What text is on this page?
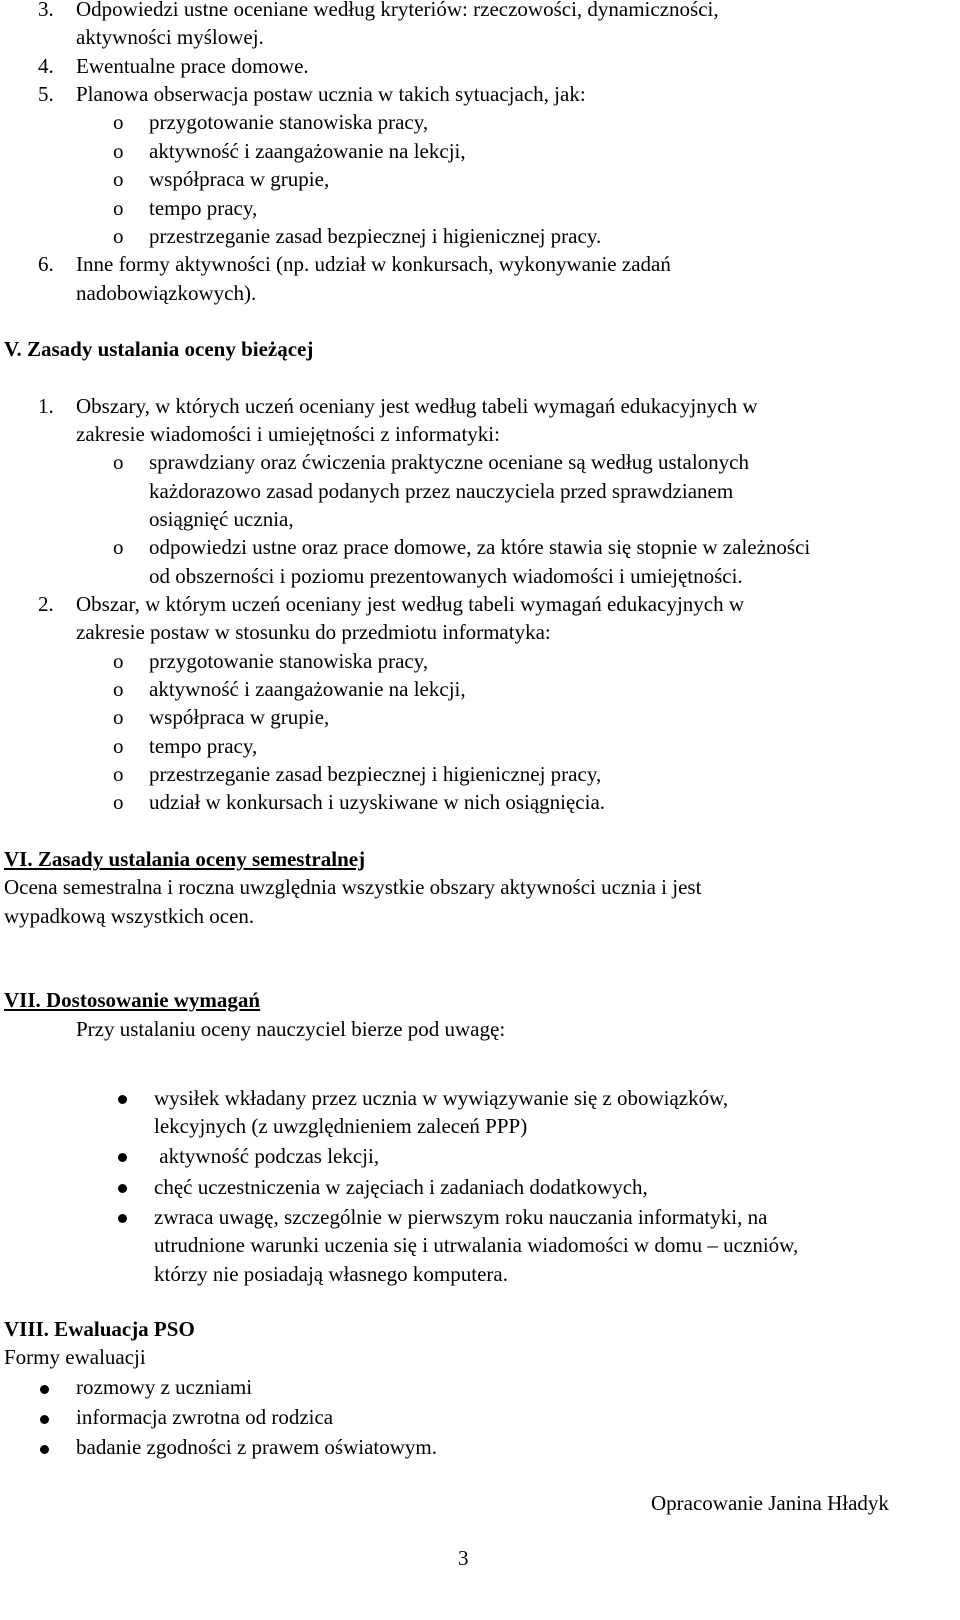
3. Odpowiedzi ustne oceniane według kryteriów: rzeczowości, dynamiczności,
aktywności myślowej.
4. Ewentualne prace domowe.
5. Planowa obserwacja postaw ucznia w takich sytuacjach, jak:
o przygotowanie stanowiska pracy,
o aktywność i zaangażowanie na lekcji,
o współpraca w grupie,
o tempo pracy,
o przestrzeganie zasad bezpiecznej i higienicznej pracy.
6. Inne formy aktywności (np. udział w konkursach, wykonywanie zadań
nadobowiązkowych).
V. Zasady ustalania oceny bieżącej
1. Obszary, w których uczeń oceniany jest według tabeli wymagań edukacyjnych w
zakresie wiadomości i umiejętności z informatyki:
o sprawdziany oraz ćwiczenia praktyczne oceniane są według ustalonych
każdorazowo zasad podanych przez nauczyciela przed sprawdzianem
osiągnięć ucznia,
o odpowiedzi ustne oraz prace domowe, za które stawia się stopnie w zależności
od obszerności i poziomu prezentowanych wiadomości i umiejętności.
2. Obszar, w którym uczeń oceniany jest według tabeli wymagań edukacyjnych w
zakresie postaw w stosunku do przedmiotu informatyka:
o przygotowanie stanowiska pracy,
o aktywność i zaangażowanie na lekcji,
o współpraca w grupie,
o tempo pracy,
o przestrzeganie zasad bezpiecznej i higienicznej pracy,
o udział w konkursach i uzyskiwane w nich osiągnięcia.
VI. Zasady ustalania oceny semestralnej
Ocena semestralna i roczna uwzględnia wszystkie obszary aktywności ucznia i jest
wypadkową wszystkich ocen.
VII. Dostosowanie wymagań
Przy ustalaniu oceny nauczyciel bierze pod uwagę:
wysiłek wkładany przez ucznia w wywiązywanie się z obowiązków,
lekcyjnych (z uwzględnieniem zaleceń PPP)
aktywność podczas lekcji,
chęć uczestniczenia w zajęciach i zadaniach dodatkowych,
zwraca uwagę, szczególnie w pierwszym roku nauczania informatyki, na
utrudnione warunki uczenia się i utrwalania wiadomości w domu – uczniów,
którzy nie posiadają własnego komputera.
VIII. Ewaluacja PSO
Formy ewaluacji
rozmowy z uczniami
informacja zwrotna od rodzica
badanie zgodności z prawem oświatowym.
Opracowanie Janina Hładyk
3
